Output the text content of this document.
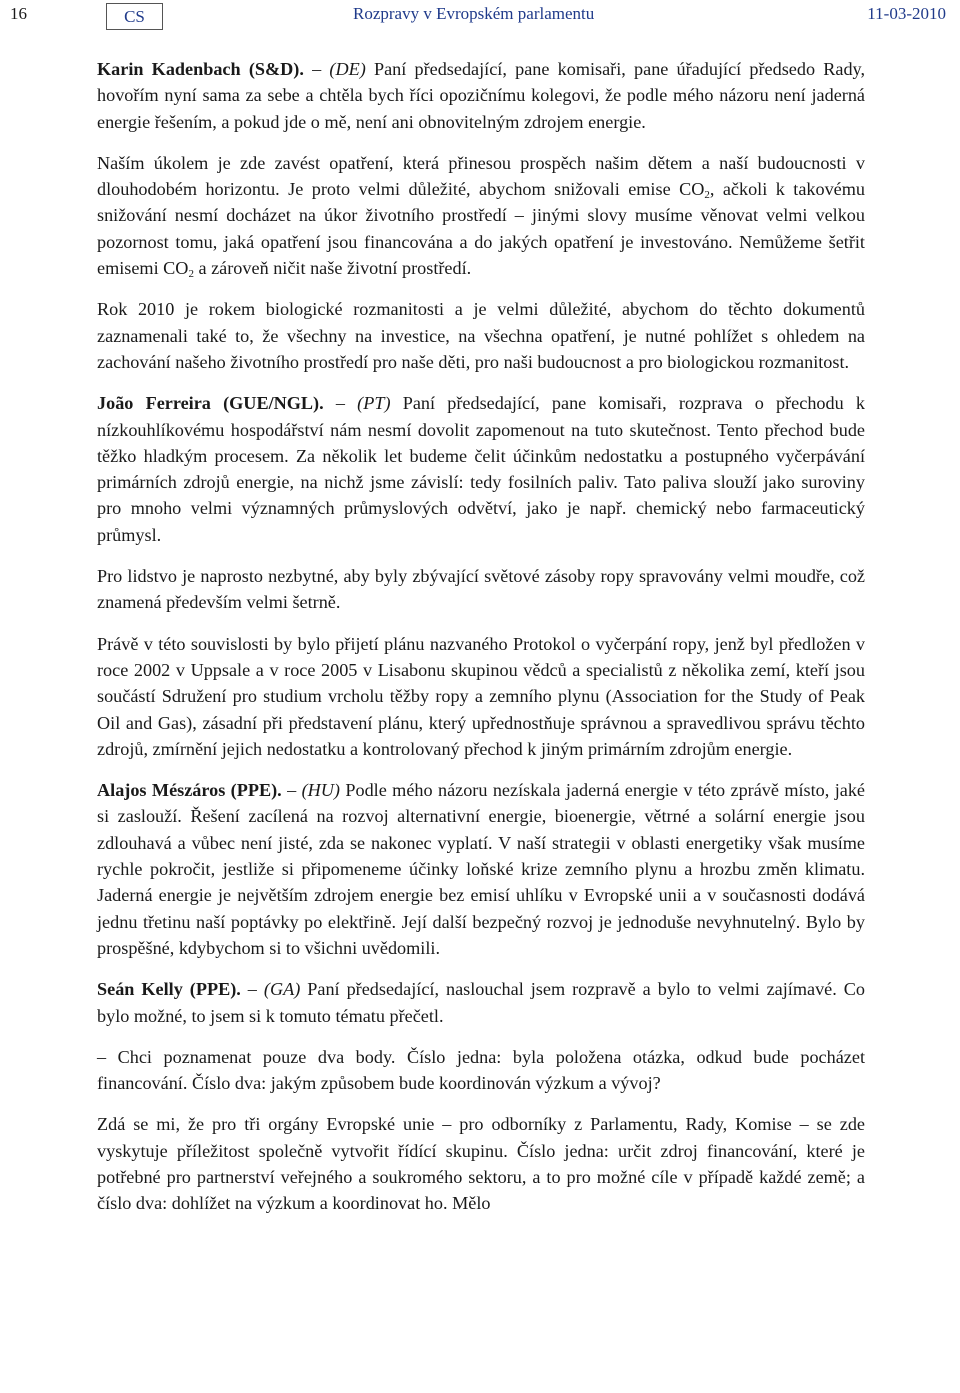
16	CS	Rozpravy v Evropském parlamentu	11-03-2010

Karin Kadenbach (S&D). – (DE) Paní předsedající, pane komisaři, pane úřadující předsedo Rady, hovořím nyní sama za sebe a chtěla bych říci opozičnímu kolegovi, že podle mého názoru není jaderná energie řešením, a pokud jde o mě, není ani obnovitelným zdrojem energie.

Naším úkolem je zde zavést opatření, která přinesou prospěch našim dětem a naší budoucnosti v dlouhodobém horizontu. Je proto velmi důležité, abychom snižovali emise $CO_2$, ačkoli k takovému snižování nesmí docházet na úkor životního prostředí – jinými slovy musíme věnovat velmi velkou pozornost tomu, jaká opatření jsou financována a do jakých opatření je investováno. Nemůžeme šetřit emisemi $CO_2$ a zároveň ničit naše životní prostředí.

Rok 2010 je rokem biologické rozmanitosti a je velmi důležité, abychom do těchto dokumentů zaznamenali také to, že všechny na investice, na všechna opatření, je nutné pohlížet s ohledem na zachování našeho životního prostředí pro naše děti, pro naši budoucnost a pro biologickou rozmanitost.

João Ferreira (GUE/NGL). – (PT) Paní předsedající, pane komisaři, rozprava o přechodu k nízkouhlíkovému hospodářství nám nesmí dovolit zapomenout na tuto skutečnost. Tento přechod bude těžko hladkým procesem. Za několik let budeme čelit účinkům nedostatku a postupného vyčerpávání primárních zdrojů energie, na nichž jsme závislí: tedy fosilních paliv. Tato paliva slouží jako suroviny pro mnoho velmi významných průmyslových odvětví, jako je např. chemický nebo farmaceutický průmysl.

Pro lidstvo je naprosto nezbytné, aby byly zbývající světové zásoby ropy spravovány velmi moudře, což znamená především velmi šetrně.

Právě v této souvislosti by bylo přijetí plánu nazvaného Protokol o vyčerpání ropy, jenž byl předložen v roce 2002 v Uppsale a v roce 2005 v Lisabonu skupinou vědců a specialistů z několika zemí, kteří jsou součástí Sdružení pro studium vrcholu těžby ropy a zemního plynu (Association for the Study of Peak Oil and Gas), zásadní při představení plánu, který upřednostňuje správnou a spravedlivou správu těchto zdrojů, zmírnění jejich nedostatku a kontrolovaný přechod k jiným primárním zdrojům energie.

Alajos Mészáros (PPE). – (HU) Podle mého názoru nezískala jaderná energie v této zprávě místo, jaké si zaslouží. Řešení zacílená na rozvoj alternativní energie, bioenergie, větrné a solární energie jsou zdlouhavá a vůbec není jisté, zda se nakonec vyplatí. V naší strategii v oblasti energetiky však musíme rychle pokročit, jestliže si připomeneme účinky loňské krize zemního plynu a hrozbu změn klimatu. Jaderná energie je největším zdrojem energie bez emisí uhlíku v Evropské unii a v současnosti dodává jednu třetinu naší poptávky po elektřině. Její další bezpečný rozvoj je jednoduše nevyhnutelný. Bylo by prospěšné, kdybychom si to všichni uvědomili.

Seán Kelly (PPE). – (GA) Paní předsedající, naslouchal jsem rozpravě a bylo to velmi zajímavé. Co bylo možné, to jsem si k tomuto tématu přečetl.

– Chci poznamenat pouze dva body. Číslo jedna: byla položena otázka, odkud bude pocházet financování. Číslo dva: jakým způsobem bude koordinován výzkum a vývoj?

Zdá se mi, že pro tři orgány Evropské unie – pro odborníky z Parlamentu, Rady, Komise – se zde vyskytuje příležitost společně vytvořit řídící skupinu. Číslo jedna: určit zdroj financování, které je potřebné pro partnerství veřejného a soukromého sektoru, a to pro možné cíle v případě každé země; a číslo dva: dohlížet na výzkum a koordinovat ho. Mělo
